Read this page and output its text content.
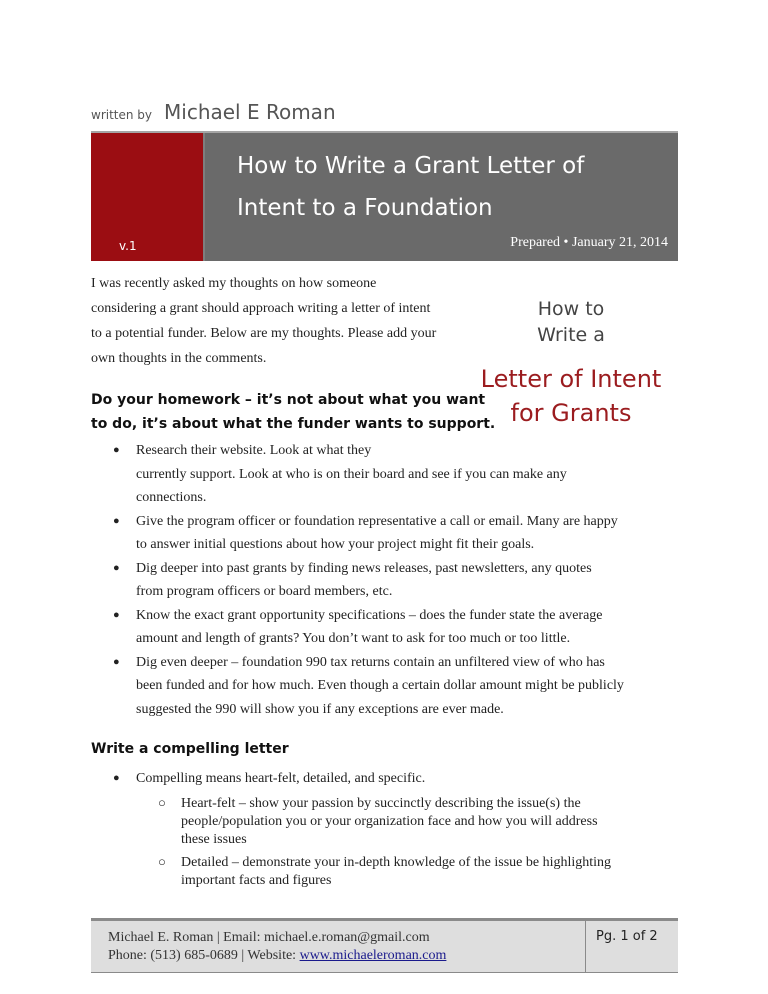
written by Michael E Roman
v.1
How to Write a Grant Letter of Intent to a Foundation
Prepared • January 21, 2014
I was recently asked my thoughts on how someone considering a grant should approach writing a letter of intent to a potential funder. Below are my thoughts. Please add your own thoughts in the comments.
How to
Write a
Letter of Intent
for Grants
Do your homework – it’s not about what you want
to do, it’s about what the funder wants to support.
● Research their website. Look at what they
currently support. Look at who is on their board and see if you can make any
connections.
● Give the program officer or foundation representative a call or email. Many are happy
to answer initial questions about how your project might fit their goals.
● Dig deeper into past grants by finding news releases, past newsletters, any quotes
from program officers or board members, etc.
● Know the exact grant opportunity specifications – does the funder state the average
amount and length of grants? You don’t want to ask for too much or too little.
● Dig even deeper – foundation 990 tax returns contain an unfiltered view of who has
been funded and for how much. Even though a certain dollar amount might be publicly
suggested the 990 will show you if any exceptions are ever made.
Write a compelling letter
● Compelling means heart-felt, detailed, and specific.
○ Heart-felt – show your passion by succinctly describing the issue(s) the
people/population you or your organization face and how you will address
these issues
○ Detailed – demonstrate your in-depth knowledge of the issue be highlighting
important facts and figures
Michael E. Roman | Email: michael.e.roman@gmail.com
Phone: (513) 685-0689 | Website: www.michaeleroman.com
Pg. 1 of 2
